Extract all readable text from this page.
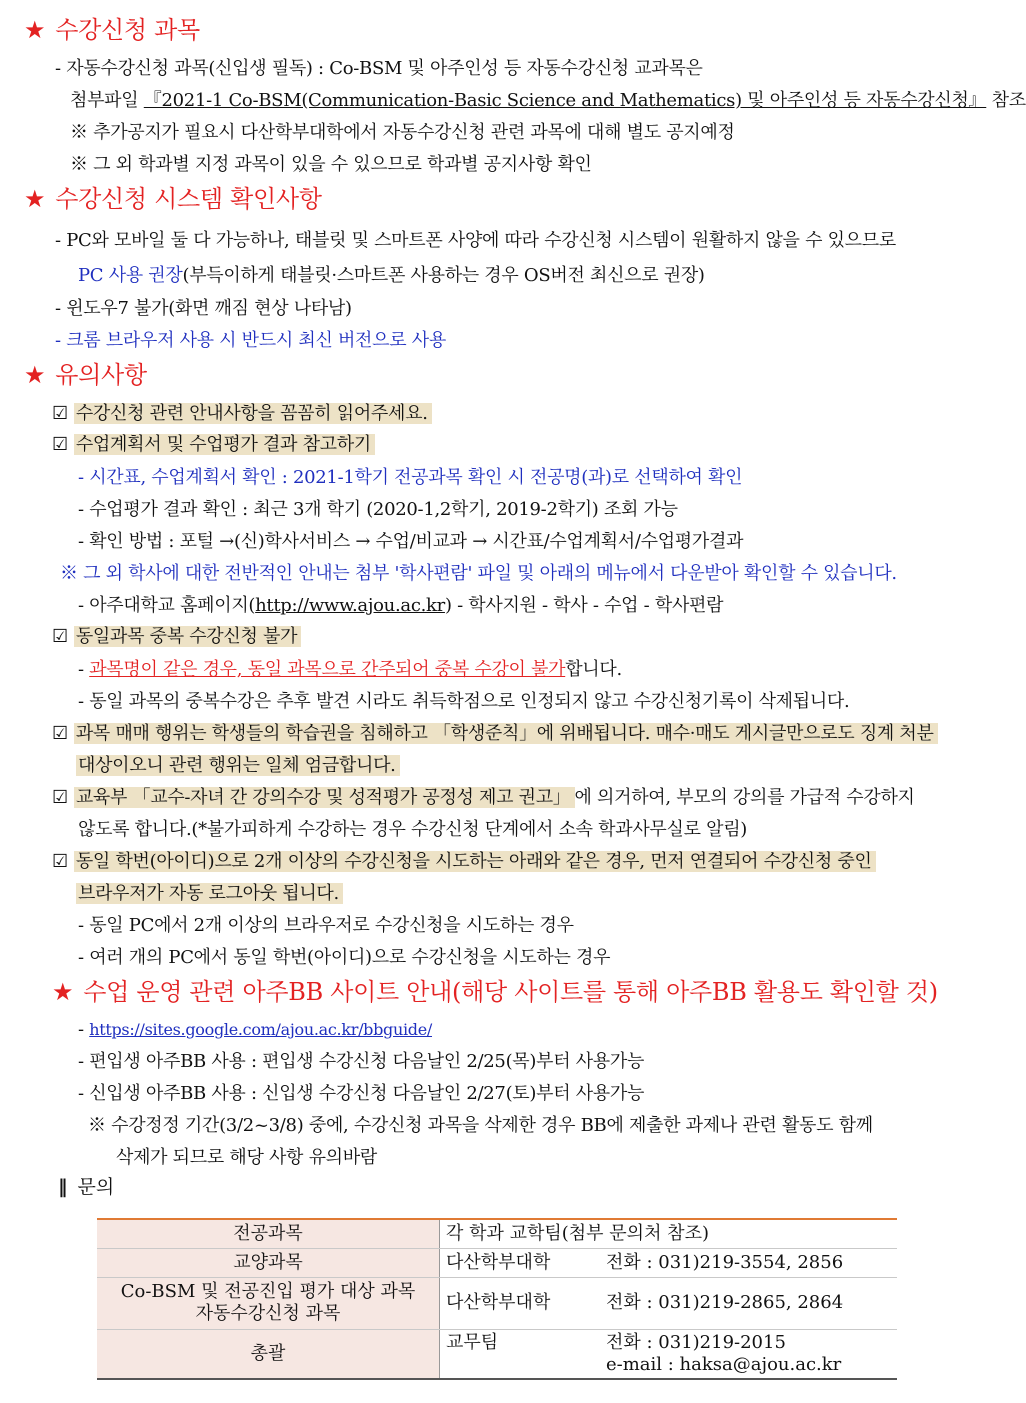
★ 수강신청 과목
- 자동수강신청 과목(신입생 필독) : Co-BSM 및 아주인성 등 자동수강신청 교과목은
첨부파일 『2021-1 Co-BSM(Communication-Basic Science and Mathematics) 및 아주인성 등 자동수강신청』 참조
※ 추가공지가 필요시 다산학부대학에서 자동수강신청 관련 과목에 대해 별도 공지예정
※ 그 외 학과별 지정 과목이 있을 수 있으므로 학과별 공지사항 확인
★ 수강신청 시스템 확인사항
- PC와 모바일 둘 다 가능하나, 태블릿 및 스마트폰 사양에 따라 수강신청 시스템이 원활하지 않을 수 있으므로
PC 사용 권장(부득이하게 태블릿·스마트폰 사용하는 경우 OS버전 최신으로 권장)
- 윈도우7 불가(화면 깨짐 현상 나타남)
- 크롬 브라우저 사용 시 반드시 최신 버전으로 사용
★ 유의사항
☑ 수강신청 관련 안내사항을 꼼꼼히 읽어주세요.
☑ 수업계획서 및 수업평가 결과 참고하기
- 시간표, 수업계획서 확인 : 2021-1학기 전공과목 확인 시 전공명(과)로 선택하여 확인
- 수업평가 결과 확인 : 최근 3개 학기 (2020-1,2학기, 2019-2학기) 조회 가능
- 확인 방법 : 포털 →(신)학사서비스 → 수업/비교과 → 시간표/수업계획서/수업평가결과
※ 그 외 학사에 대한 전반적인 안내는 첨부 '학사편람' 파일 및 아래의 메뉴에서 다운받아 확인할 수 있습니다.
- 아주대학교 홈페이지(http://www.ajou.ac.kr) - 학사지원 - 학사 - 수업 - 학사편람
☑ 동일과목 중복 수강신청 불가
- 과목명이 같은 경우, 동일 과목으로 간주되어 중복 수강이 불가합니다.
- 동일 과목의 중복수강은 추후 발견 시라도 취득학점으로 인정되지 않고 수강신청기록이 삭제됩니다.
☑ 과목 매매 행위는 학생들의 학습권을 침해하고 「학생준칙」에 위배됩니다. 매수·매도 게시글만으로도 징계 처분
대상이오니 관련 행위는 일체 엄금합니다.
☑ 교육부 「교수-자녀 간 강의수강 및 성적평가 공정성 제고 권고」 에 의거하여, 부모의 강의를 가급적 수강하지
않도록 합니다.(*불가피하게 수강하는 경우 수강신청 단계에서 소속 학과사무실로 알림)
☑ 동일 학번(아이디)으로 2개 이상의 수강신청을 시도하는 아래와 같은 경우, 먼저 연결되어 수강신청 중인
브라우저가 자동 로그아웃 됩니다.
- 동일 PC에서 2개 이상의 브라우저로 수강신청을 시도하는 경우
- 여러 개의 PC에서 동일 학번(아이디)으로 수강신청을 시도하는 경우
★ 수업 운영 관련 아주BB 사이트 안내(해당 사이트를 통해 아주BB 활용도 확인할 것)
- https://sites.google.com/ajou.ac.kr/bbguide/
- 편입생 아주BB 사용 : 편입생 수강신청 다음날인 2/25(목)부터 사용가능
- 신입생 아주BB 사용 : 신입생 수강신청 다음날인 2/27(토)부터 사용가능
※ 수강정정 기간(3/2~3/8) 중에, 수강신청 과목을 삭제한 경우 BB에 제출한 과제나 관련 활동도 함께
삭제가 되므로 해당 사항 유의바람
‖ 문의
전공과목	각 학과 교학팀(첨부 문의처 참조)
교양과목	다산학부대학 전화 : 031)219-3554, 2856

Co-BSM 및 전공진입 평가 대상 과목
자동수강신청 과목	다산학부대학 전화 : 031)219-2865, 2864
총괄	교무팀 전화 : 031)219-2015
e-mail : haksa@ajou.ac.kr
